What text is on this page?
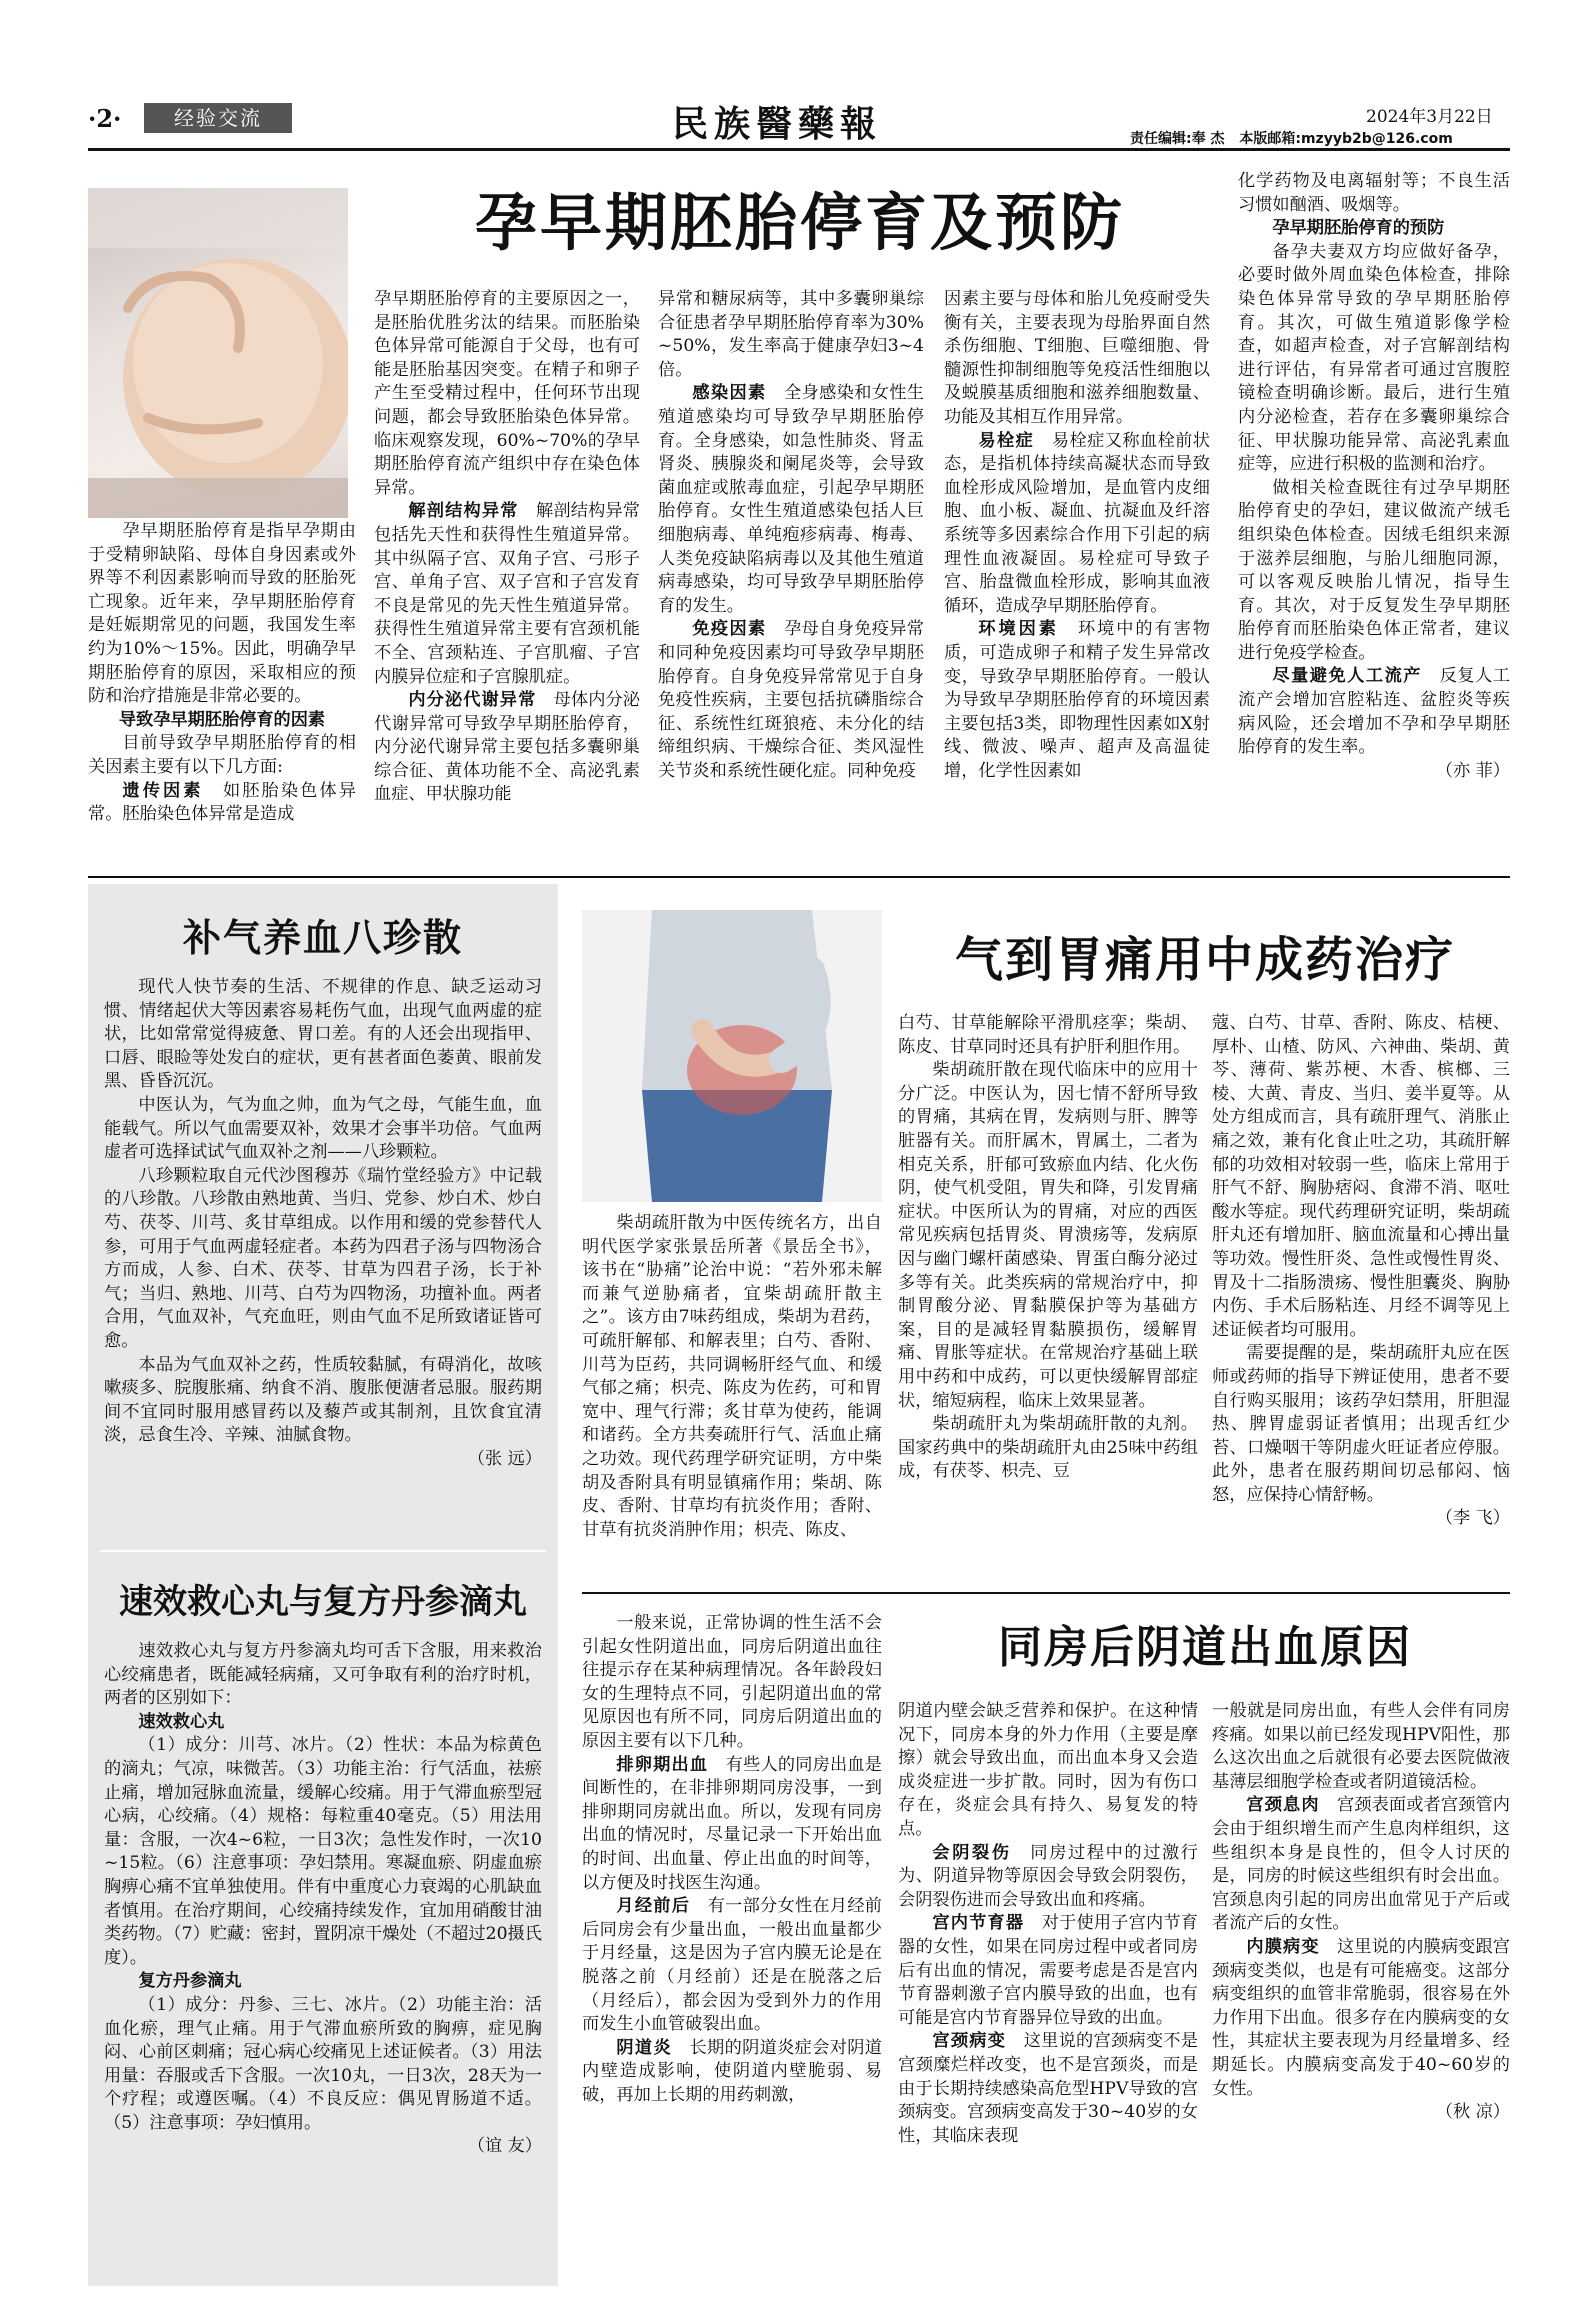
·2·	经验交流	民族醫藥報	2024年3月22日
责任编辑:奉 杰 本版邮箱:mzyyb2b@126.com
孕早期胚胎停育及预防

孕早期胚胎停育是指早孕期由于受精卵缺陷、母体自身因素或外界等不利因素影响而导致的胚胎死亡现象。近年来，孕早期胚胎停育是妊娠期常见的问题，我国发生率约为10%～15%。因此，明确孕早期胚胎停育的原因，采取相应的预防和治疗措施是非常必要的。

导致孕早期胚胎停育的因素

目前导致孕早期胚胎停育的相关因素主要有以下几方面:

遗传因素　 如胚胎染色体异常。胚胎染色体异常是造成

孕早期胚胎停育的主要原因之一，是胚胎优胜劣汰的结果。而胚胎染色体异常可能源自于父母，也有可能是胚胎基因突变。在精子和卵子产生至受精过程中，任何环节出现问题，都会导致胚胎染色体异常。临床观察发现，60%~70%的孕早期胚胎停育流产组织中存在染色体异常。

解剖结构异常　 解剖结构异常包括先天性和获得性生殖道异常。其中纵隔子宫、双角子宫、弓形子宫、单角子宫、双子宫和子宫发育不良是常见的先天性生殖道异常。获得性生殖道异常主要有宫颈机能不全、宫颈粘连、子宫肌瘤、子宫内膜异位症和子宫腺肌症。

内分泌代谢异常　 母体内分泌代谢异常可导致孕早期胚胎停育，内分泌代谢异常主要包括多囊卵巢综合征、黄体功能不全、高泌乳素血症、甲状腺功能

异常和糖尿病等，其中多囊卵巢综合征患者孕早期胚胎停育率为30%~50%，发生率高于健康孕妇3~4倍。

感染因素　 全身感染和女性生殖道感染均可导致孕早期胚胎停育。全身感染，如急性肺炎、肾盂肾炎、胰腺炎和阑尾炎等，会导致菌血症或脓毒血症，引起孕早期胚胎停育。女性生殖道感染包括人巨细胞病毒、单纯疱疹病毒、梅毒、人类免疫缺陷病毒以及其他生殖道病毒感染，均可导致孕早期胚胎停育的发生。

免疫因素　 孕母自身免疫异常和同种免疫因素均可导致孕早期胚胎停育。自身免疫异常常见于自身免疫性疾病，主要包括抗磷脂综合征、系统性红斑狼疮、未分化的结缔组织病、干燥综合征、类风湿性关节炎和系统性硬化症。同种免疫

因素主要与母体和胎儿免疫耐受失衡有关，主要表现为母胎界面自然杀伤细胞、T细胞、巨噬细胞、骨髓源性抑制细胞等免疫活性细胞以及蜕膜基质细胞和滋养细胞数量、功能及其相互作用异常。

易栓症　 易栓症又称血栓前状态，是指机体持续高凝状态而导致血栓形成风险增加，是血管内皮细胞、血小板、凝血、抗凝血及纤溶系统等多因素综合作用下引起的病理性血液凝固。易栓症可导致子宫、胎盘微血栓形成，影响其血液循环，造成孕早期胚胎停育。

环境因素　 环境中的有害物质，可造成卵子和精子发生异常改变，导致孕早期胚胎停育。一般认为导致早孕期胚胎停育的环境因素主要包括3类，即物理性因素如X射线、微波、噪声、超声及高温徒增，化学性因素如

化学药物及电离辐射等；不良生活习惯如酗酒、吸烟等。

孕早期胚胎停育的预防

备孕夫妻双方均应做好备孕，必要时做外周血染色体检查，排除染色体异常导致的孕早期胚胎停育。其次，可做生殖道影像学检查，如超声检查，对子宫解剖结构进行评估，有异常者可通过宫腹腔镜检查明确诊断。最后，进行生殖内分泌检查，若存在多囊卵巢综合征、甲状腺功能异常、高泌乳素血症等，应进行积极的监测和治疗。

做相关检查既往有过孕早期胚胎停育史的孕妇，建议做流产绒毛组织染色体检查。因绒毛组织来源于滋养层细胞，与胎儿细胞同源，可以客观反映胎儿情况，指导生育。其次，对于反复发生孕早期胚胎停育而胚胎染色体正常者，建议进行免疫学检查。

尽量避免人工流产　 反复人工流产会增加宫腔粘连、盆腔炎等疾病风险，还会增加不孕和孕早期胚胎停育的发生率。

（亦 菲）

补气养血八珍散

现代人快节奏的生活、不规律的作息、缺乏运动习惯、情绪起伏大等因素容易耗伤气血，出现气血两虚的症状，比如常常觉得疲惫、胃口差。有的人还会出现指甲、口唇、眼睑等处发白的症状，更有甚者面色萎黄、眼前发黑、昏昏沉沉。

中医认为，气为血之帅，血为气之母，气能生血，血能载气。所以气血需要双补，效果才会事半功倍。气血两虚者可选择试试气血双补之剂——八珍颗粒。

八珍颗粒取自元代沙图穆苏《瑞竹堂经验方》中记载的八珍散。八珍散由熟地黄、当归、党参、炒白术、炒白芍、茯苓、川芎、炙甘草组成。以作用和缓的党参替代人参，可用于气血两虚轻症者。本药为四君子汤与四物汤合方而成，人参、白术、茯苓、甘草为四君子汤，长于补气；当归、熟地、川芎、白芍为四物汤，功擅补血。两者合用，气血双补，气充血旺，则由气血不足所致诸证皆可愈。

本品为气血双补之药，性质较黏腻，有碍消化，故咳嗽痰多、脘腹胀痛、纳食不消、腹胀便溏者忌服。服药期间不宜同时服用感冒药以及藜芦或其制剂，且饮食宜清淡，忌食生冷、辛辣、油腻食物。

（张 远）

速效救心丸与复方丹参滴丸

速效救心丸与复方丹参滴丸均可舌下含服，用来救治心绞痛患者，既能减轻病痛，又可争取有利的治疗时机，两者的区别如下：

速效救心丸

（1）成分：川芎、冰片。（2）性状：本品为棕黄色的滴丸；气凉，味微苦。（3）功能主治：行气活血，祛瘀止痛，增加冠脉血流量，缓解心绞痛。用于气滞血瘀型冠心病，心绞痛。（4）规格：每粒重40毫克。（5）用法用量：含服，一次4~6粒，一日3次；急性发作时，一次10~15粒。（6）注意事项：孕妇禁用。寒凝血瘀、阴虚血瘀胸痹心痛不宜单独使用。伴有中重度心力衰竭的心肌缺血者慎用。在治疗期间，心绞痛持续发作，宜加用硝酸甘油类药物。（7）贮藏：密封，置阴凉干燥处（不超过20摄氏度）。

复方丹参滴丸

（1）成分：丹参、三七、冰片。（2）功能主治：活血化瘀，理气止痛。用于气滞血瘀所致的胸痹，症见胸闷、心前区刺痛；冠心病心绞痛见上述证候者。（3）用法用量：吞服或舌下含服。一次10丸，一日3次，28天为一个疗程；或遵医嘱。（4）不良反应：偶见胃肠道不适。（5）注意事项：孕妇慎用。

（谊 友）

气到胃痛用中成药治疗

柴胡疏肝散为中医传统名方，出自明代医学家张景岳所著《景岳全书》，该书在“胁痛”论治中说：“若外邪未解而兼气逆胁痛者，宜柴胡疏肝散主之”。该方由7味药组成，柴胡为君药，可疏肝解郁、和解表里；白芍、香附、川芎为臣药，共同调畅肝经气血、和缓气郁之痛；枳壳、陈皮为佐药，可和胃宽中、理气行滞；炙甘草为使药，能调和诸药。全方共奏疏肝行气、活血止痛之功效。现代药理学研究证明，方中柴胡及香附具有明显镇痛作用；柴胡、陈皮、香附、甘草均有抗炎作用；香附、甘草有抗炎消肿作用；枳壳、陈皮、

白芍、甘草能解除平滑肌痉挛；柴胡、陈皮、甘草同时还具有护肝利胆作用。

柴胡疏肝散在现代临床中的应用十分广泛。中医认为，因七情不舒所导致的胃痛，其病在胃，发病则与肝、脾等脏器有关。而肝属木，胃属土，二者为相克关系，肝郁可致瘀血内结、化火伤阴，使气机受阻，胃失和降，引发胃痛症状。中医所认为的胃痛，对应的西医常见疾病包括胃炎、胃溃疡等，发病原因与幽门螺杆菌感染、胃蛋白酶分泌过多等有关。此类疾病的常规治疗中，抑制胃酸分泌、胃黏膜保护等为基础方案，目的是减轻胃黏膜损伤，缓解胃痛、胃胀等症状。在常规治疗基础上联用中药和中成药，可以更快缓解胃部症状，缩短病程，临床上效果显著。

柴胡疏肝丸为柴胡疏肝散的丸剂。国家药典中的柴胡疏肝丸由25味中药组成，有茯苓、枳壳、豆

蔻、白芍、甘草、香附、陈皮、桔梗、厚朴、山楂、防风、六神曲、柴胡、黄芩、薄荷、紫苏梗、木香、槟榔、三棱、大黄、青皮、当归、姜半夏等。从处方组成而言，具有疏肝理气、消胀止痛之效，兼有化食止吐之功，其疏肝解郁的功效相对较弱一些，临床上常用于肝气不舒、胸胁痞闷、食滞不消、呕吐酸水等症。现代药理研究证明，柴胡疏肝丸还有增加肝、脑血流量和心搏出量等功效。慢性肝炎、急性或慢性胃炎、胃及十二指肠溃疡、慢性胆囊炎、胸胁内伤、手术后肠粘连、月经不调等见上述证候者均可服用。

需要提醒的是，柴胡疏肝丸应在医师或药师的指导下辨证使用，患者不要自行购买服用；该药孕妇禁用，肝胆湿热、脾胃虚弱证者慎用；出现舌红少苔、口燥咽干等阴虚火旺证者应停服。此外，患者在服药期间切忌郁闷、恼怒，应保持心情舒畅。

（李 飞）

同房后阴道出血原因

一般来说，正常协调的性生活不会引起女性阴道出血，同房后阴道出血往往提示存在某种病理情况。各年龄段妇女的生理特点不同，引起阴道出血的常见原因也有所不同，同房后阴道出血的原因主要有以下几种。

排卵期出血　 有些人的同房出血是间断性的，在非排卵期同房没事，一到排卵期同房就出血。所以，发现有同房出血的情况时，尽量记录一下开始出血的时间、出血量、停止出血的时间等，以方便及时找医生沟通。

月经前后　 有一部分女性在月经前后同房会有少量出血，一般出血量都少于月经量，这是因为子宫内膜无论是在脱落之前（月经前）还是在脱落之后（月经后），都会因为受到外力的作用而发生小血管破裂出血。

阴道炎　 长期的阴道炎症会对阴道内壁造成影响，使阴道内壁脆弱、易破，再加上长期的用药刺激，

阴道内壁会缺乏营养和保护。在这种情况下，同房本身的外力作用（主要是摩擦）就会导致出血，而出血本身又会造成炎症进一步扩散。同时，因为有伤口存在，炎症会具有持久、易复发的特点。

会阴裂伤　 同房过程中的过激行为、阴道异物等原因会导致会阴裂伤，会阴裂伤进而会导致出血和疼痛。

宫内节育器　 对于使用子宫内节育器的女性，如果在同房过程中或者同房后有出血的情况，需要考虑是否是宫内节育器刺激子宫内膜导致的出血，也有可能是宫内节育器异位导致的出血。

宫颈病变　 这里说的宫颈病变不是宫颈糜烂样改变，也不是宫颈炎，而是由于长期持续感染高危型HPV导致的宫颈病变。宫颈病变高发于30~40岁的女性，其临床表现

一般就是同房出血，有些人会伴有同房疼痛。如果以前已经发现HPV阳性，那么这次出血之后就很有必要去医院做液基薄层细胞学检查或者阴道镜活检。

宫颈息肉　 宫颈表面或者宫颈管内会由于组织增生而产生息肉样组织，这些组织本身是良性的，但令人讨厌的是，同房的时候这些组织有时会出血。宫颈息肉引起的同房出血常见于产后或者流产后的女性。

内膜病变　 这里说的内膜病变跟宫颈病变类似，也是有可能癌变。这部分病变组织的血管非常脆弱，很容易在外力作用下出血。很多存在内膜病变的女性，其症状主要表现为月经量增多、经期延长。内膜病变高发于40~60岁的女性。

（秋 凉）
